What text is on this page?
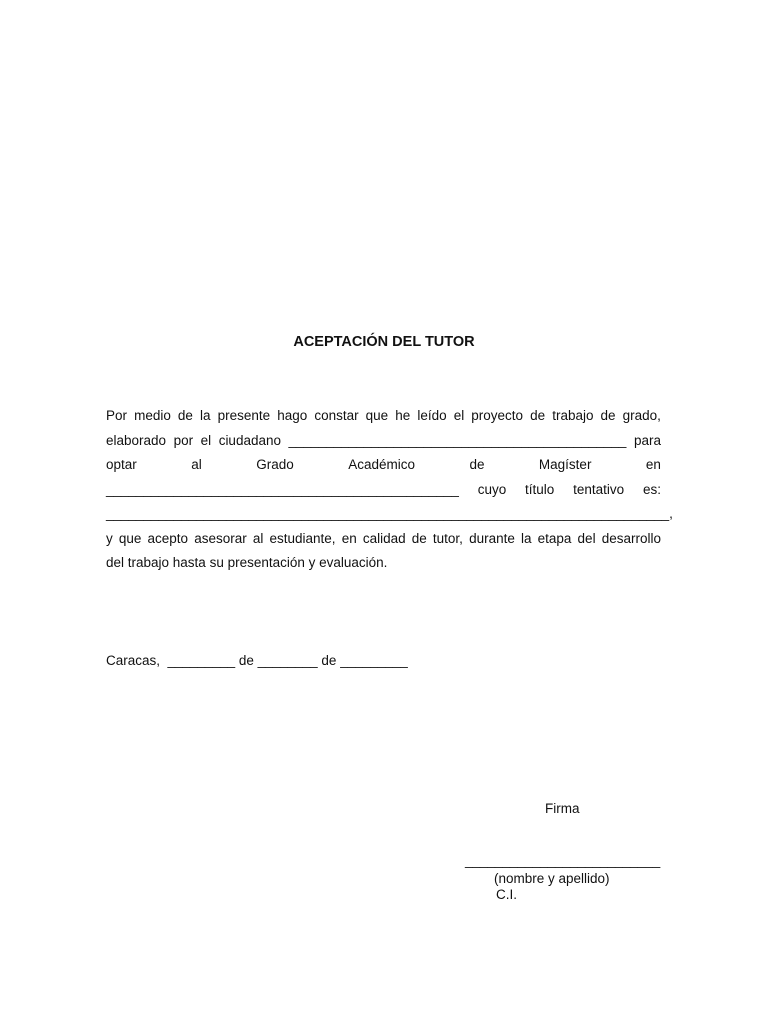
ACEPTACIÓN DEL TUTOR
Por medio de la presente hago constar que he leído el proyecto de trabajo de grado,
elaborado por el ciudadano _____________________________________________ para
optar	al	Grado	Académico	de	Magíster	en
_______________________________________________ cuyo título tentativo es:
___________________________________________________________________________,
y que acepto asesorar al estudiante, en calidad de tutor, durante la etapa del desarrollo
del trabajo hasta su presentación y evaluación.
Caracas,  _________ de ________ de _________
Firma
__________________________
(nombre y apellido)
C.I.
